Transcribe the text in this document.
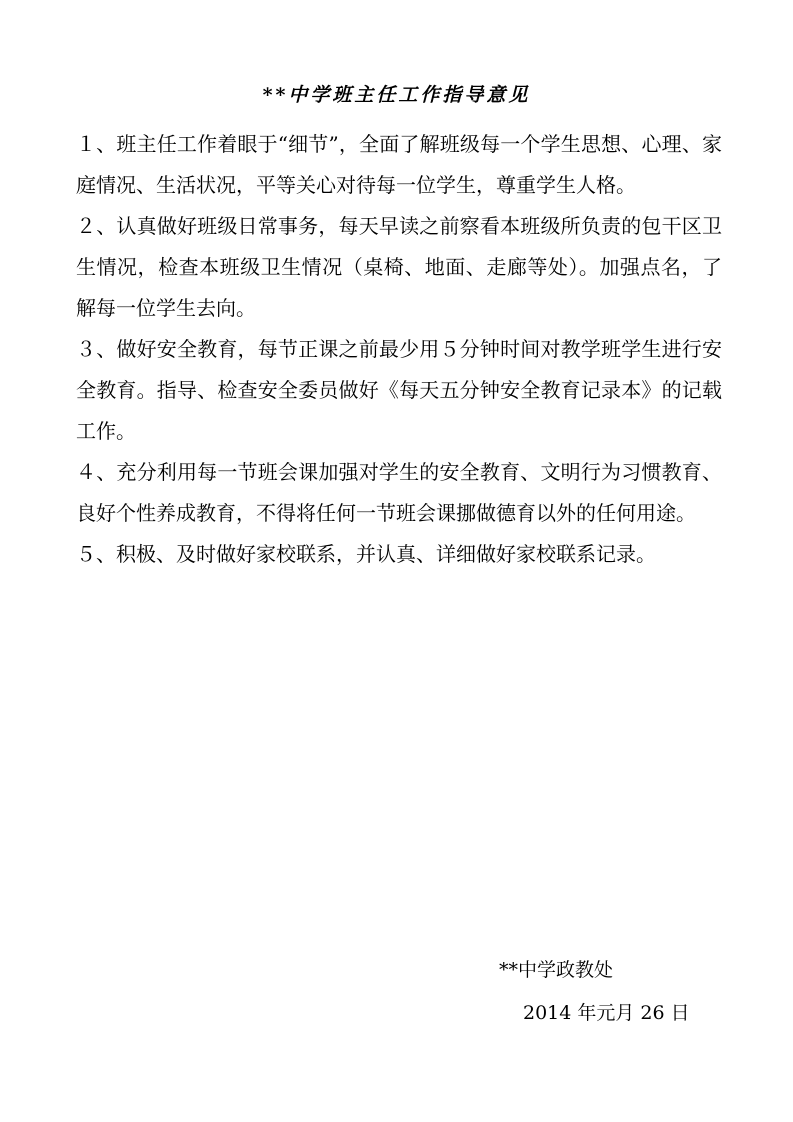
**中学班主任工作指导意见

１、班主任工作着眼于“细节”，全面了解班级每一个学生思想、心理、家庭情况、生活状况，平等关心对待每一位学生，尊重学生人格。

２、认真做好班级日常事务，每天早读之前察看本班级所负责的包干区卫生情况，检查本班级卫生情况（桌椅、地面、走廊等处）。加强点名，了解每一位学生去向。

３、做好安全教育，每节正课之前最少用５分钟时间对教学班学生进行安全教育。指导、检查安全委员做好《每天五分钟安全教育记录本》的记载工作。

４、充分利用每一节班会课加强对学生的安全教育、文明行为习惯教育、良好个性养成教育，不得将任何一节班会课挪做德育以外的任何用途。

５、积极、及时做好家校联系，并认真、详细做好家校联系记录。

**中学政教处
2014 年元月 26 日
